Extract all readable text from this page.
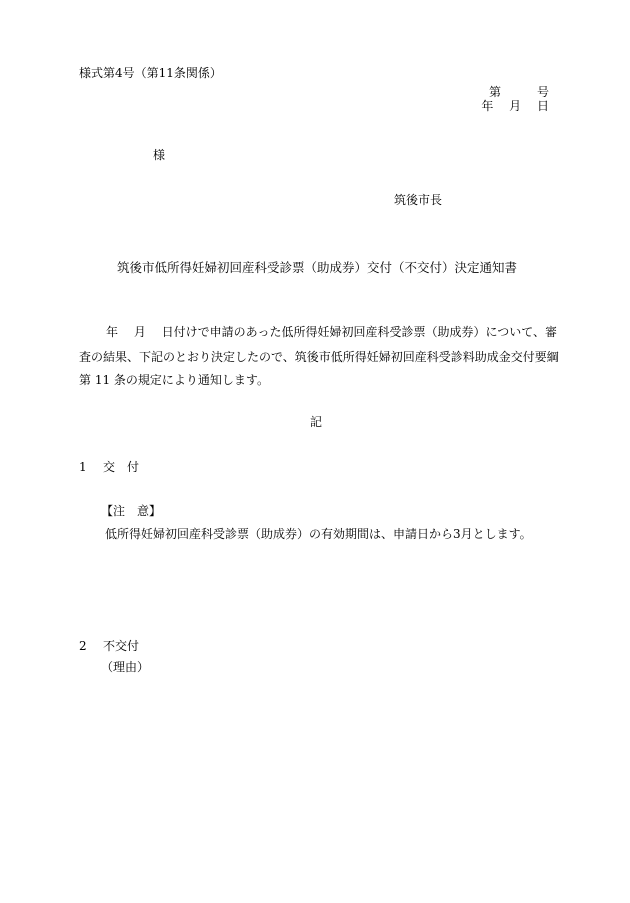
様式第4号（第11条関係）
第　　　号
年　 月　 日
様
筑後市長
筑後市低所得妊婦初回産科受診票（助成券）交付（不交付）決定通知書
年　 月　 日付けで申請のあった低所得妊婦初回産科受診票（助成券）について、審
査の結果、下記のとおり決定したので、筑後市低所得妊婦初回産科受診料助成金交付要綱
第 11 条の規定により通知します。
記
1 交　付
【注　意】
低所得妊婦初回産科受診票（助成券）の有効期間は、申請日から3月とします。
2 不交付
（理由）
